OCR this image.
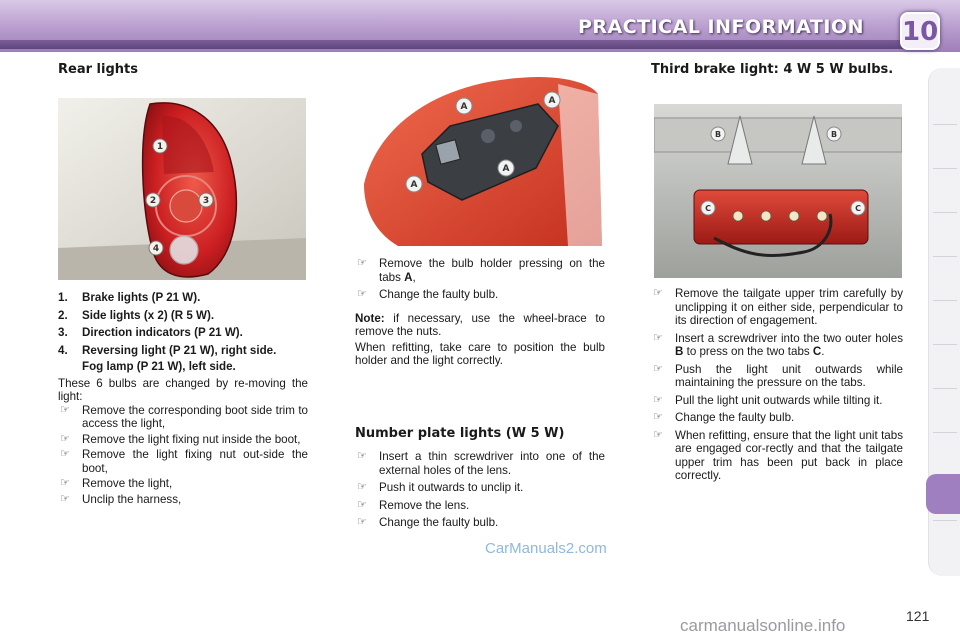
PRACTICAL INFORMATION 10
Rear lights
1
2	3
4
1. Brake lights (P 21 W).
2. Side lights (x 2) (R 5 W).
3. Direction indicators (P 21 W).
4. Reversing light (P 21 W), right side.
Fog lamp (P 21 W), left side.

These 6 bulbs are changed by re-moving the light:

☞ Remove the corresponding boot side trim to access the light,
☞ Remove the light fixing nut inside the boot,
☞ Remove the light fixing nut out-side the boot,
☞ Remove the light,
☞ Unclip the harness,
A
A
A
A
☞ Remove the bulb holder pressing on the tabs A,
☞ Change the faulty bulb.

Note: if necessary, use the wheel-brace to remove the nuts.

When refitting, take care to position the bulb holder and the light correctly.

Number plate lights (W 5 W)
☞ Insert a thin screwdriver into one of the external holes of the lens.
☞ Push it outwards to unclip it.
☞ Remove the lens.
☞ Change the faulty bulb.
Third brake light: 4 W 5 W bulbs.
B	B
C	C
☞ Remove the tailgate upper trim carefully by unclipping it on either side, perpendicular to its direction of engagement.
☞ Insert a screwdriver into the two outer holes B to press on the two tabs C.
☞ Push the light unit outwards while maintaining the pressure on the tabs.
☞ Pull the light unit outwards while tilting it.
☞ Change the faulty bulb.
☞ When refitting, ensure that the light unit tabs are engaged cor-rectly and that the tailgate upper trim has been put back in place correctly.
CarManuals2.com
121
carmanualsonline.info
